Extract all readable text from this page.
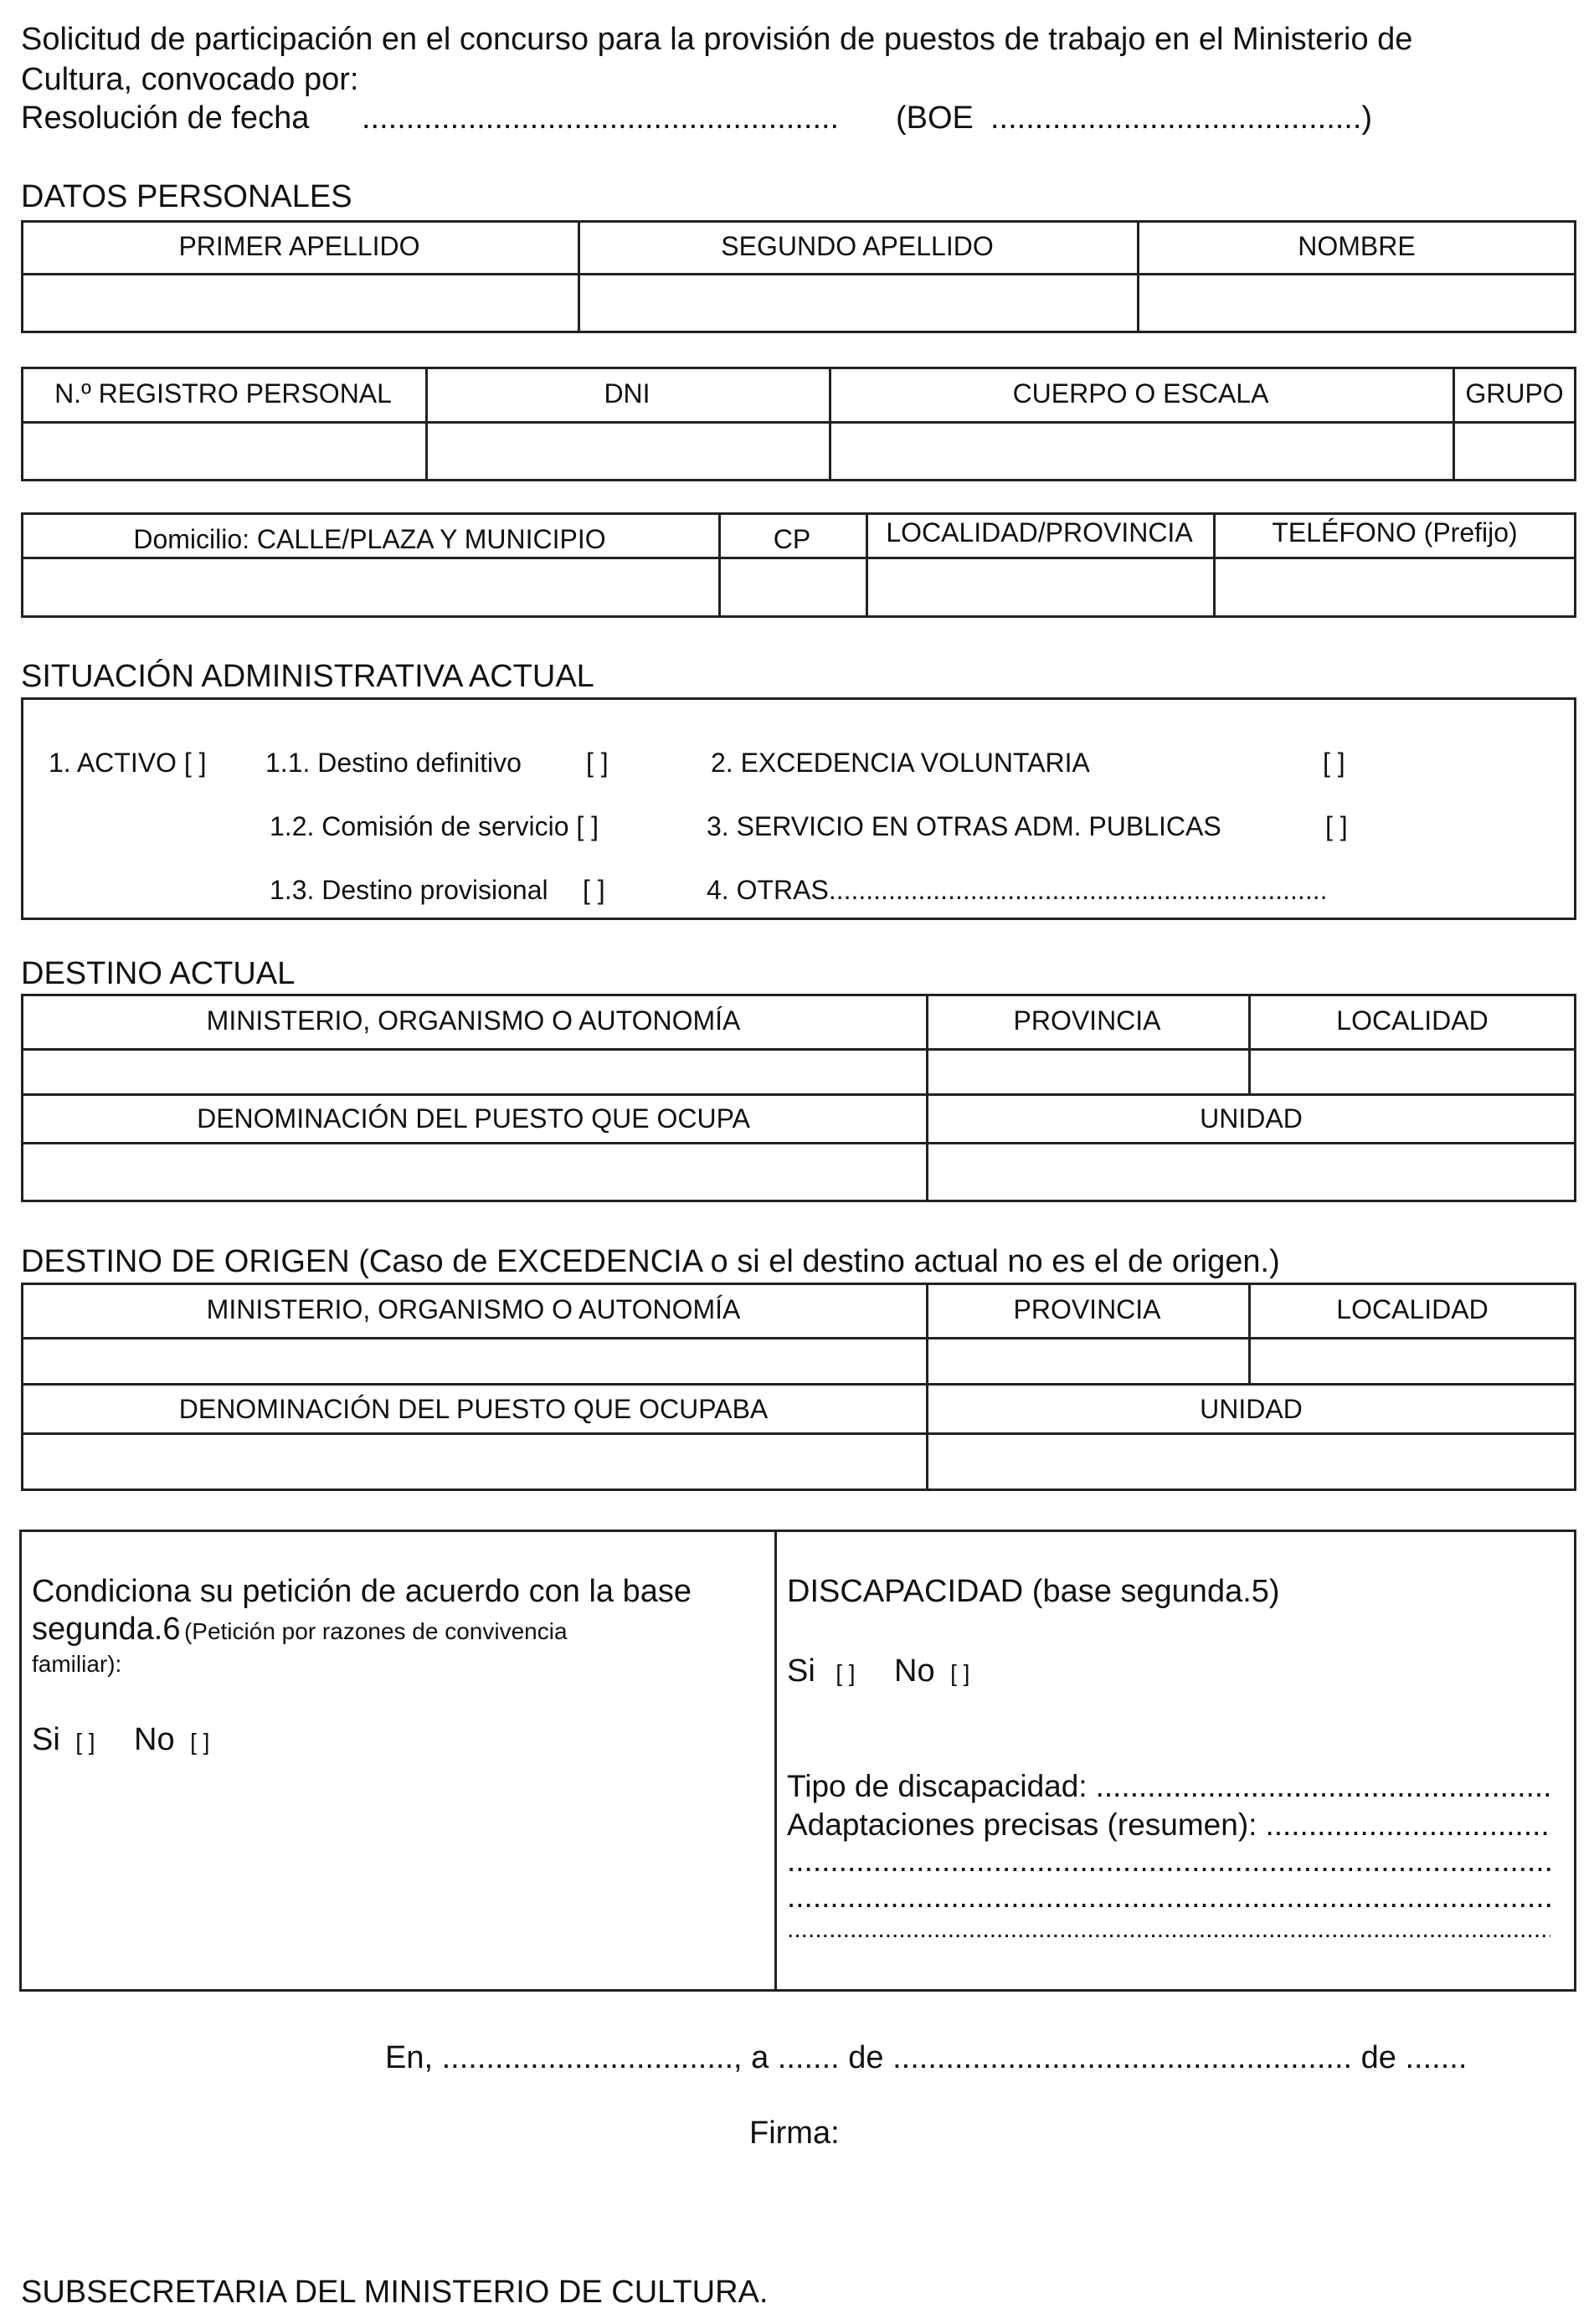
Solicitud de participación en el concurso para la provisión de puestos de trabajo en el Ministerio de
Cultura, convocado por:
Resolución de fecha ...................................................... (BOE ..........................................)
DATOS PERSONALES
PRIMER APELLIDO	SEGUNDO APELLIDO	NOMBRE
N.º REGISTRO PERSONAL	DNI	CUERPO O ESCALA	GRUPO
Domicilio: CALLE/PLAZA Y MUNICIPIO	CP	LOCALIDAD/PROVINCIA	TELÉFONO (Prefijo)
SITUACIÓN ADMINISTRATIVA ACTUAL
1. ACTIVO [ ] 1.1. Destino definitivo [ ]	2. EXCEDENCIA VOLUNTARIA	[ ]
1.2. Comisión de servicio [ ]	3. SERVICIO EN OTRAS ADM. PUBLICAS	[ ]
1.3. Destino provisional [ ]	4. OTRAS...................................................................
DESTINO ACTUAL
MINISTERIO, ORGANISMO O AUTONOMÍA	PROVINCIA	LOCALIDAD
DENOMINACIÓN DEL PUESTO QUE OCUPA	UNIDAD
DESTINO DE ORIGEN (Caso de EXCEDENCIA o si el destino actual no es el de origen.)
MINISTERIO, ORGANISMO O AUTONOMÍA	PROVINCIA	LOCALIDAD
DENOMINACIÓN DEL PUESTO QUE OCUPABA	UNIDAD
Condiciona su petición de acuerdo con la base
segunda.6 (Petición por razones de convivencia
familiar):
Si [ ] No [ ]
DISCAPACIDAD (base segunda.5)
Si [ ] No [ ]
Tipo de discapacidad:
.....
Adaptaciones precisas (resumen):
.....
.....
.....
.....
En, ................................., a ....... de .................................................... de .......
Firma:
SUBSECRETARIA DEL MINISTERIO DE CULTURA.
